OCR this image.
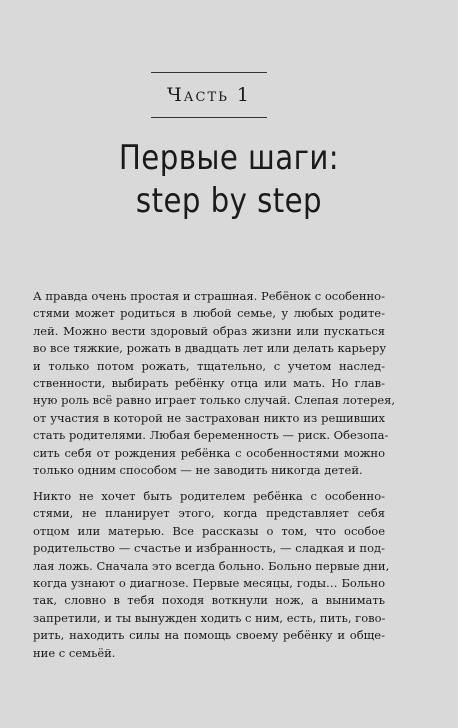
Часть 1
Первые шаги:
step by step

А правда очень простая и страшная. Ребёнок с особенно-
стями может родиться в любой семье, у любых родите-
лей. Можно вести здоровый образ жизни или пускаться
во все тяжкие, рожать в двадцать лет или делать карьеру
и только потом рожать, тщательно, с учетом наслед-
ственности, выбирать ребёнку отца или мать. Но глав-
ную роль всё равно играет только случай. Слепая лотерея,
от участия в которой не застрахован никто из решивших
стать родителями. Любая беременность — риск. Обезопа-
сить себя от рождения ребёнка с особенностями можно
только одним способом — не заводить никогда детей.

Никто не хочет быть родителем ребёнка с особенно-
стями, не планирует этого, когда представляет себя
отцом или матерью. Все рассказы о том, что особое
родительство — счастье и избранность, — сладкая и под-
лая ложь. Сначала это всегда больно. Больно первые дни,
когда узнают о диагнозе. Первые месяцы, годы… Больно
так, словно в тебя походя воткнули нож, а вынимать
запретили, и ты вынужден ходить с ним, есть, пить, гово-
рить, находить силы на помощь своему ребёнку и обще-
ние с семьёй.
